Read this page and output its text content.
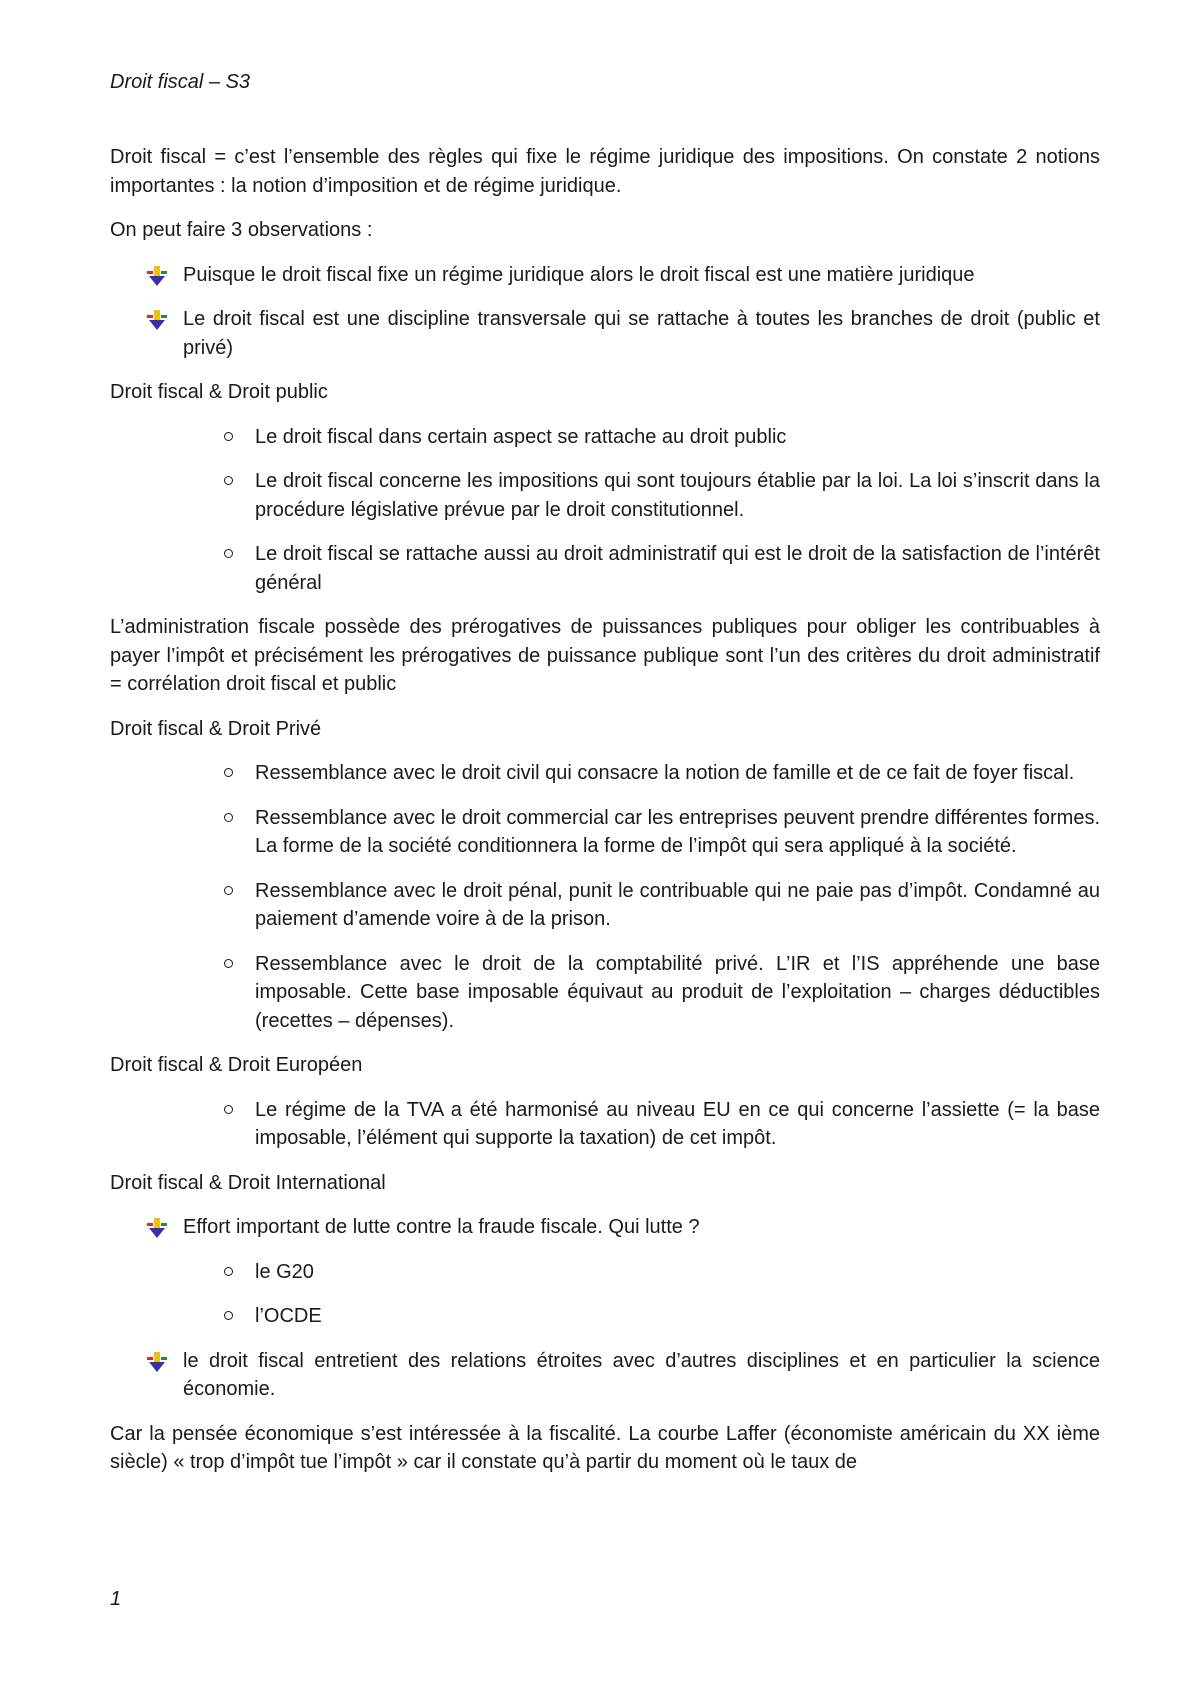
Droit fiscal – S3

Droit fiscal = c’est l’ensemble des règles qui fixe le régime juridique des impositions. On constate 2 notions importantes : la notion d’imposition et de régime juridique.

On peut faire 3 observations :

Puisque le droit fiscal fixe un régime juridique alors le droit fiscal est une matière juridique
Le droit fiscal est une discipline transversale qui se rattache à toutes les branches de droit (public et privé)
Droit fiscal & Droit public
Le droit fiscal dans certain aspect se rattache au droit public
Le droit fiscal concerne les impositions qui sont toujours établie par la loi. La loi s’inscrit dans la procédure législative prévue par le droit constitutionnel.
Le droit fiscal se rattache aussi au droit administratif qui est le droit de la satisfaction de l’intérêt général

L’administration fiscale possède des prérogatives de puissances publiques pour obliger les contribuables à payer l’impôt et précisément les prérogatives de puissance publique sont l’un des critères du droit administratif = corrélation droit fiscal et public

Droit fiscal & Droit Privé
Ressemblance avec le droit civil qui consacre la notion de famille et de ce fait de foyer fiscal.
Ressemblance avec le droit commercial car les entreprises peuvent prendre différentes formes. La forme de la société conditionnera la forme de l’impôt qui sera appliqué à la société.
Ressemblance avec le droit pénal, punit le contribuable qui ne paie pas d’impôt. Condamné au paiement d’amende voire à de la prison.
Ressemblance avec le droit de la comptabilité privé. L’IR et l’IS appréhende une base imposable. Cette base imposable équivaut au produit de l’exploitation – charges déductibles (recettes – dépenses).
Droit fiscal & Droit Européen
Le régime de la TVA a été harmonisé au niveau EU en ce qui concerne l’assiette (= la base imposable, l’élément qui supporte la taxation) de cet impôt.
Droit fiscal & Droit International
Effort important de lutte contre la fraude fiscale. Qui lutte ?
le G20
l’OCDE
le droit fiscal entretient des relations étroites avec d’autres disciplines et en particulier la science économie.

Car la pensée économique s’est intéressée à la fiscalité. La courbe Laffer (économiste américain du XX ième siècle) « trop d’impôt tue l’impôt » car il constate qu’à partir du moment où le taux de

1
